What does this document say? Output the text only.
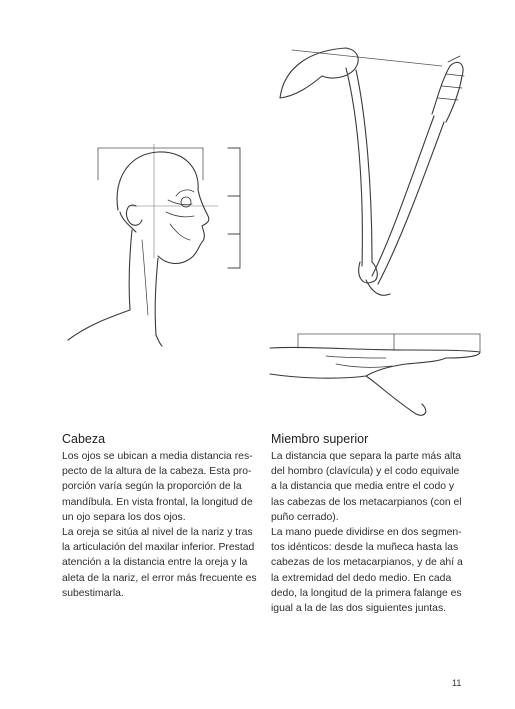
Cabeza

Los ojos se ubican a media distancia res-
pecto de la altura de la cabeza. Esta pro-
porción varía según la proporción de la
mandíbula. En vista frontal, la longitud de
un ojo separa los dos ojos.
La oreja se sitúa al nivel de la nariz y tras
la articulación del maxilar inferior. Prestad
atención a la distancia entre la oreja y la
aleta de la nariz, el error más frecuente es
subestimarla.

Miembro superior

La distancia que separa la parte más alta
del hombro (clavícula) y el codo equivale
a la distancia que media entre el codo y
las cabezas de los metacarpianos (con el
puño cerrado).
La mano puede dividirse en dos segmen-
tos idénticos: desde la muñeca hasta las
cabezas de los metacarpianos, y de ahí a
la extremidad del dedo medio. En cada
dedo, la longitud de la primera falange es
igual a la de las dos siguientes juntas.

11
